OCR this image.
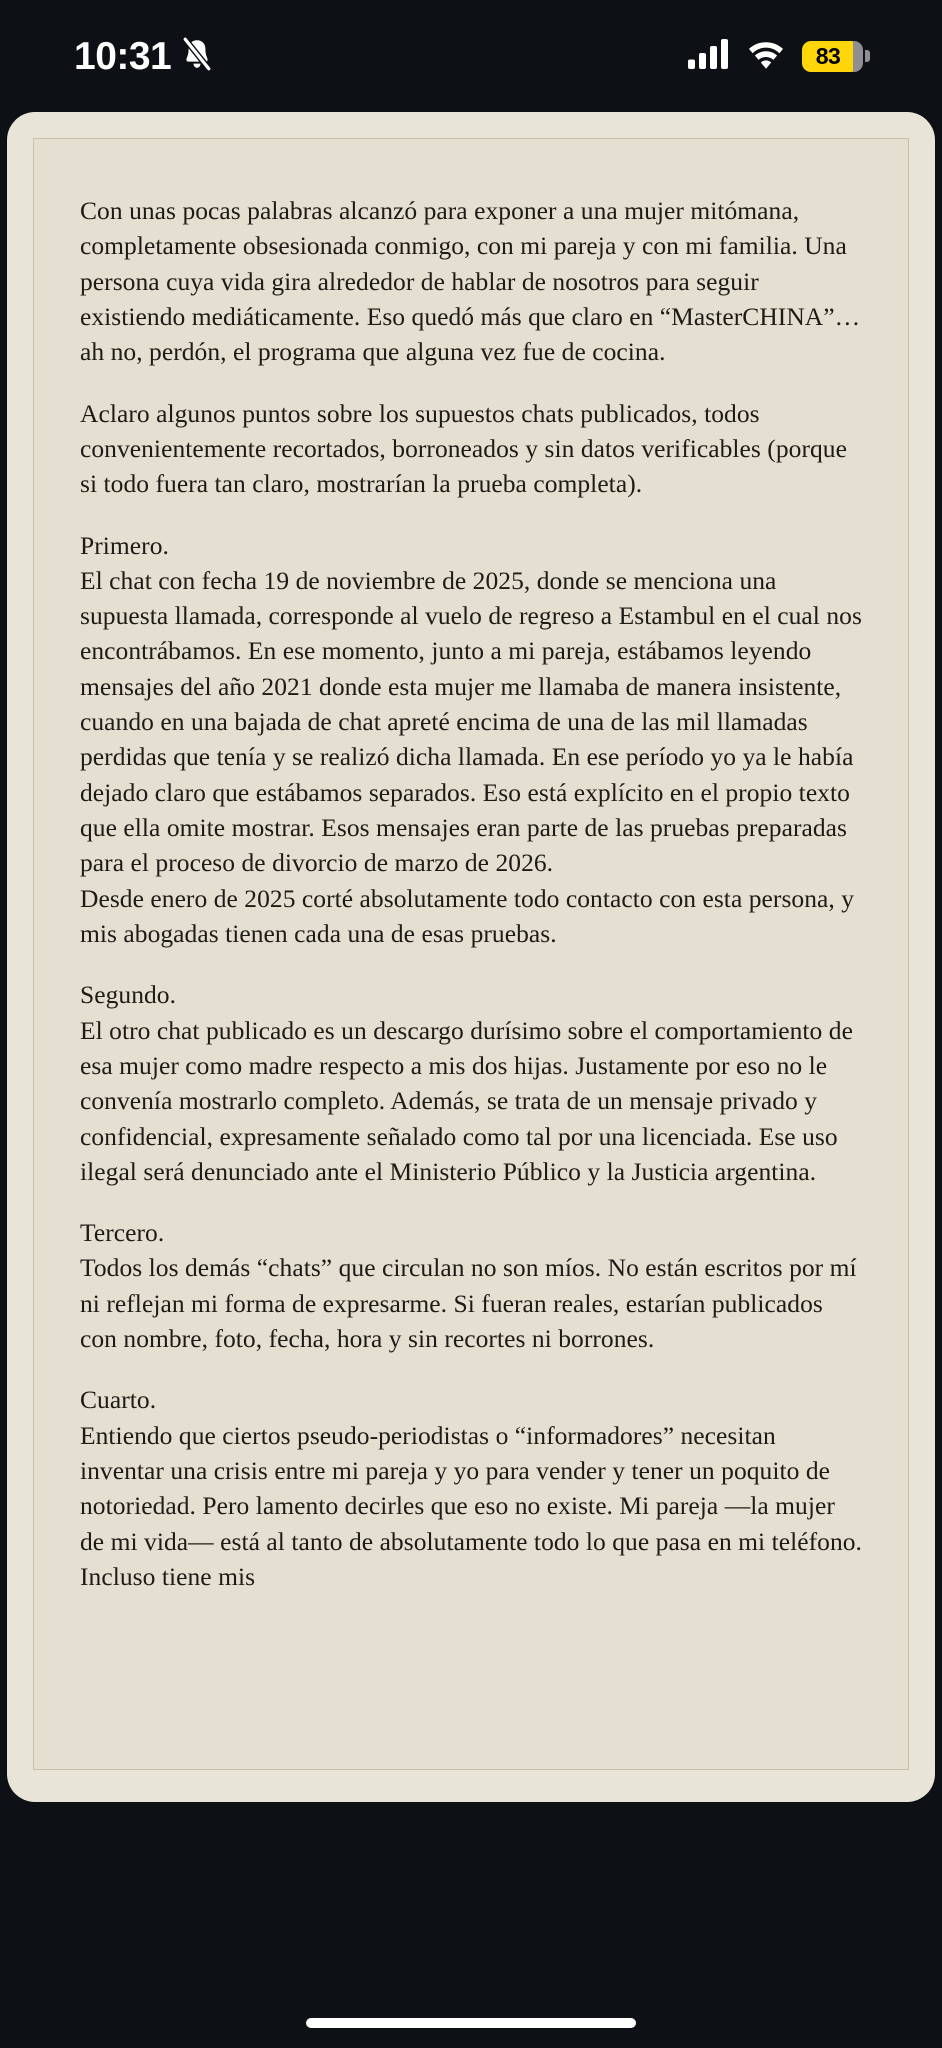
10:31	83

Con unas pocas palabras alcanzó para exponer a una mujer mitómana, completamente obsesionada conmigo, con mi pareja y con mi familia. Una persona cuya vida gira alrededor de hablar de nosotros para seguir existiendo mediáticamente. Eso quedó más que claro en “MasterCHINA”… ah no, perdón, el programa que alguna vez fue de cocina.

Aclaro algunos puntos sobre los supuestos chats publicados, todos convenientemente recortados, borroneados y sin datos verificables (porque si todo fuera tan claro, mostrarían la prueba completa).

Primero.

El chat con fecha 19 de noviembre de 2025, donde se menciona una supuesta llamada, corresponde al vuelo de regreso a Estambul en el cual nos encontrábamos. En ese momento, junto a mi pareja, estábamos leyendo mensajes del año 2021 donde esta mujer me llamaba de manera insistente, cuando en una bajada de chat apreté encima de una de las mil llamadas perdidas que tenía y se realizó dicha llamada. En ese período yo ya le había dejado claro que estábamos separados. Eso está explícito en el propio texto que ella omite mostrar. Esos mensajes eran parte de las pruebas preparadas para el proceso de divorcio de marzo de 2026.

Desde enero de 2025 corté absolutamente todo contacto con esta persona, y mis abogadas tienen cada una de esas pruebas.

Segundo.

El otro chat publicado es un descargo durísimo sobre el comportamiento de esa mujer como madre respecto a mis dos hijas. Justamente por eso no le convenía mostrarlo completo. Además, se trata de un mensaje privado y confidencial, expresamente señalado como tal por una licenciada. Ese uso ilegal será denunciado ante el Ministerio Público y la Justicia argentina.

Tercero.

Todos los demás “chats” que circulan no son míos. No están escritos por mí ni reflejan mi forma de expresarme. Si fueran reales, estarían publicados con nombre, foto, fecha, hora y sin recortes ni borrones.

Cuarto.

Entiendo que ciertos pseudo-periodistas o “informadores” necesitan inventar una crisis entre mi pareja y yo para vender y tener un poquito de notoriedad. Pero lamento decirles que eso no existe. Mi pareja —la mujer de mi vida— está al tanto de absolutamente todo lo que pasa en mi teléfono. Incluso tiene mis
